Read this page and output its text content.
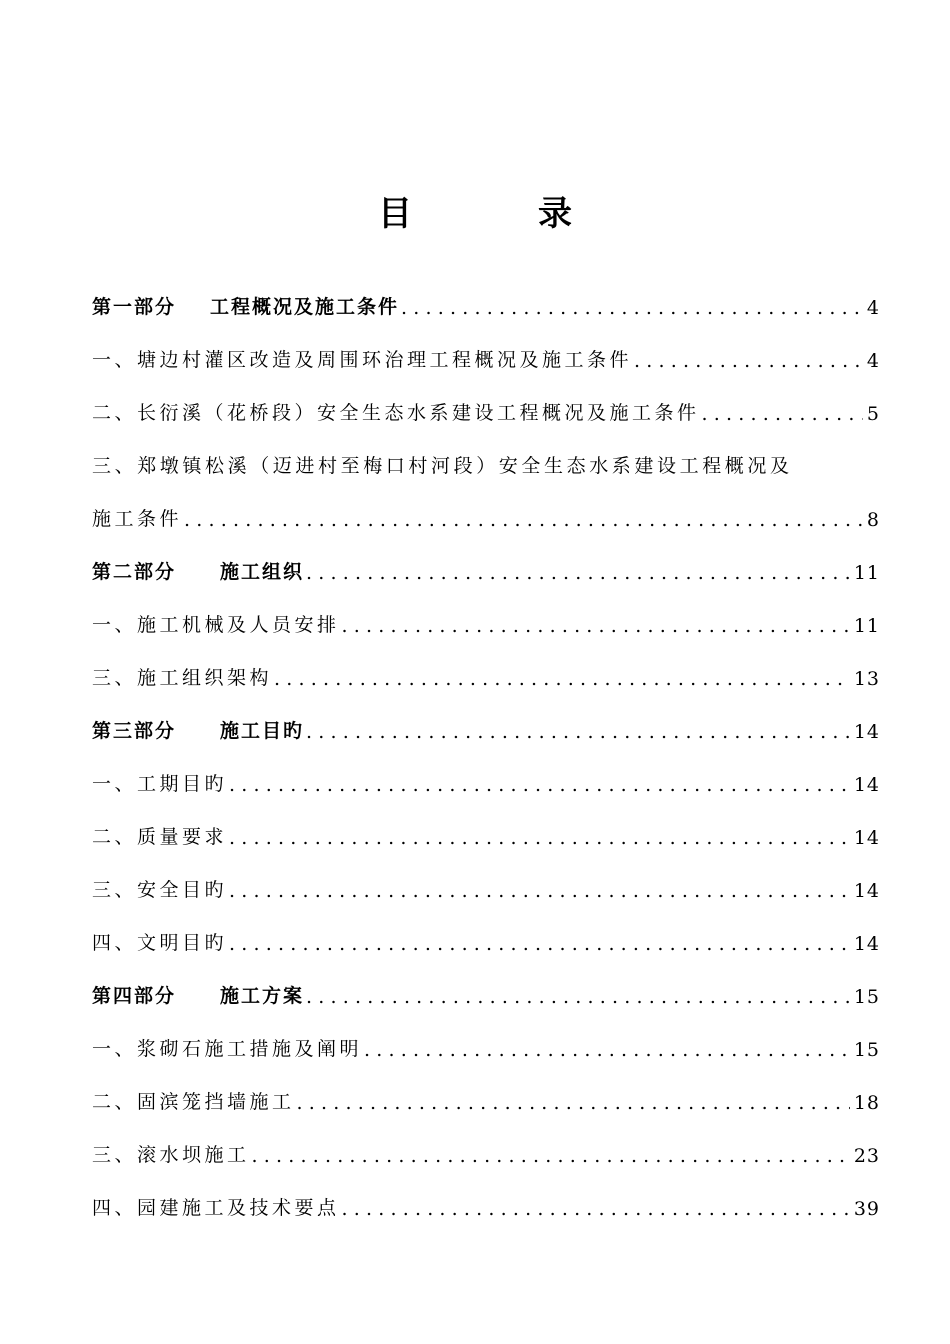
目　录
第一部分 工程概况及施工条件 .....	4
一、塘边村灌区改造及周围环治理工程概况及施工条件 .....	4
二、长衍溪（花桥段）安全生态水系建设工程概况及施工条件 .....	5
三、郑墩镇松溪（迈进村至梅口村河段）安全生态水系建设工程概况及
施工条件 .....	8
第二部分 施工组织 .....	11
一、施工机械及人员安排 .....	11
三、施工组织架构 .....	13
第三部分 施工目旳 .....	14
一、工期目旳 .....	14
二、质量要求 .....	14
三、安全目旳 .....	14
四、文明目旳 .....	14
第四部分 施工方案 .....	15
一、浆砌石施工措施及阐明 .....	15
二、固滨笼挡墙施工 .....	18
三、滚水坝施工 .....	23
四、园建施工及技术要点 .....	39
